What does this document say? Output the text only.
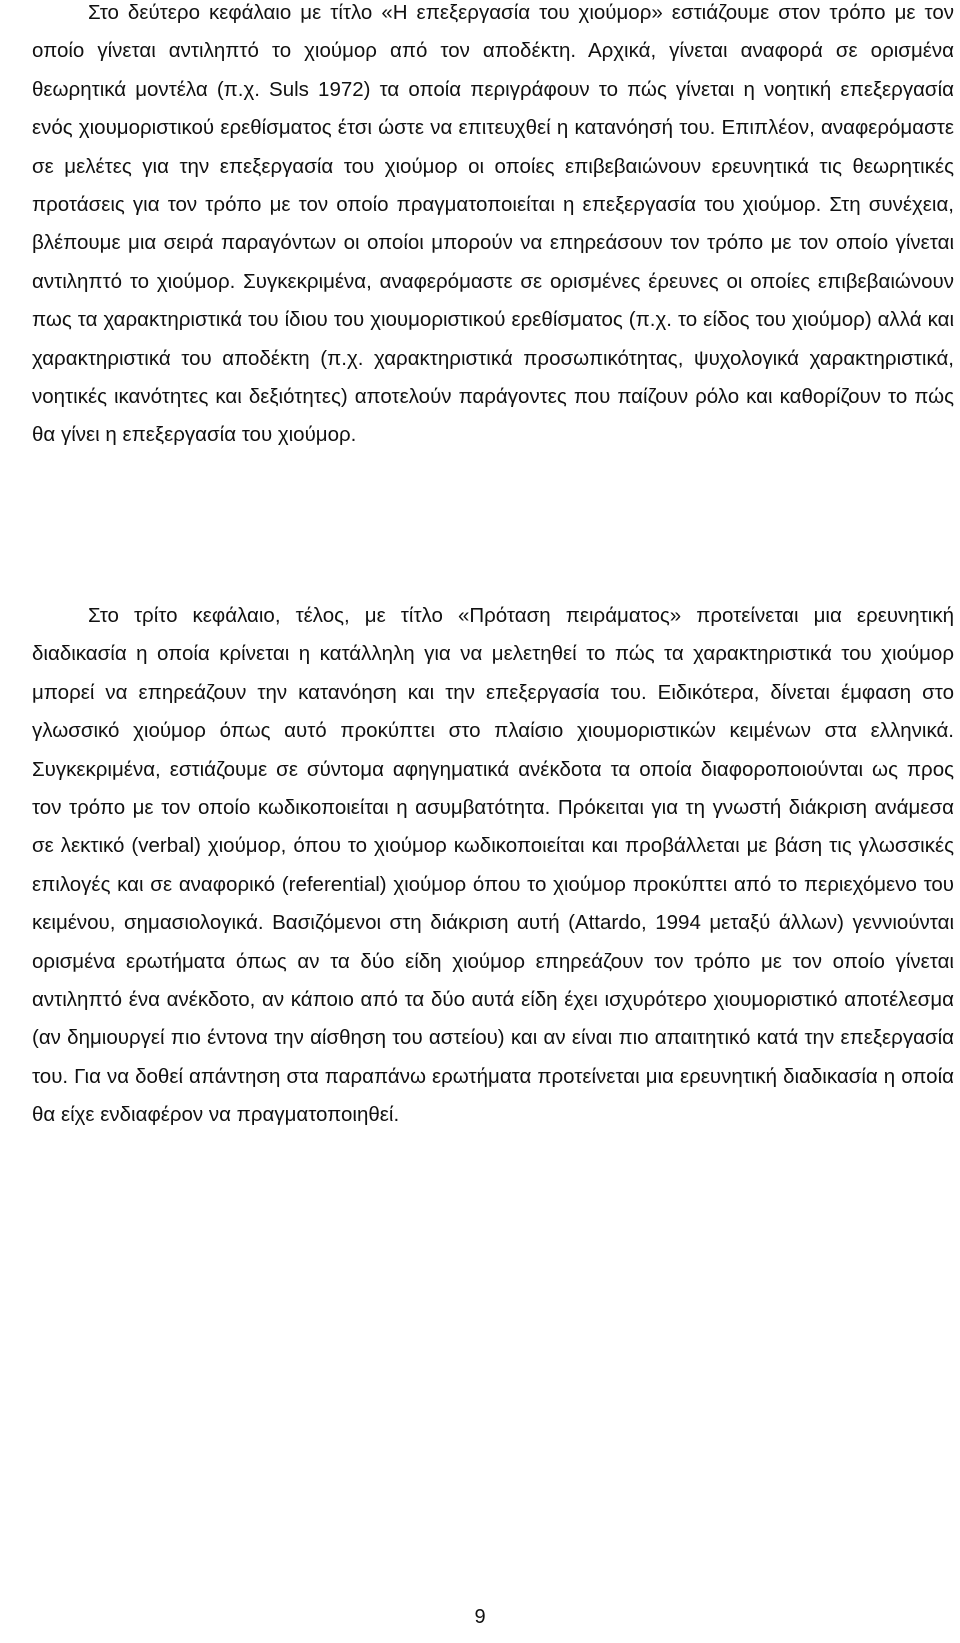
Στο δεύτερο κεφάλαιο με τίτλο «Η επεξεργασία του χιούμορ» εστιάζουμε στον τρόπο με τον οποίο γίνεται αντιληπτό το χιούμορ από τον αποδέκτη. Αρχικά, γίνεται αναφορά σε ορισμένα θεωρητικά μοντέλα (π.χ. Suls 1972) τα οποία περιγράφουν το πώς γίνεται η νοητική επεξεργασία ενός χιουμοριστικού ερεθίσματος έτσι ώστε να επιτευχθεί η κατανόησή του. Επιπλέον, αναφερόμαστε σε μελέτες για την επεξεργασία του χιούμορ οι οποίες επιβεβαιώνουν ερευνητικά τις θεωρητικές προτάσεις για τον τρόπο με τον οποίο πραγματοποιείται η επεξεργασία του χιούμορ. Στη συνέχεια, βλέπουμε μια σειρά παραγόντων οι οποίοι μπορούν να επηρεάσουν τον τρόπο με τον οποίο γίνεται αντιληπτό το χιούμορ. Συγκεκριμένα, αναφερόμαστε σε ορισμένες έρευνες οι οποίες επιβεβαιώνουν πως τα χαρακτηριστικά του ίδιου του χιουμοριστικού ερεθίσματος (π.χ. το είδος του χιούμορ) αλλά και χαρακτηριστικά του αποδέκτη (π.χ. χαρακτηριστικά προσωπικότητας, ψυχολογικά χαρακτηριστικά, νοητικές ικανότητες και δεξιότητες) αποτελούν παράγοντες που παίζουν ρόλο και καθορίζουν το πώς θα γίνει η επεξεργασία του χιούμορ.

Στο τρίτο κεφάλαιο, τέλος, με τίτλο «Πρόταση πειράματος» προτείνεται μια ερευνητική διαδικασία η οποία κρίνεται η κατάλληλη για να μελετηθεί το πώς τα χαρακτηριστικά του χιούμορ μπορεί να επηρεάζουν την κατανόηση και την επεξεργασία του. Ειδικότερα, δίνεται έμφαση στο γλωσσικό χιούμορ όπως αυτό προκύπτει στο πλαίσιο χιουμοριστικών κειμένων στα ελληνικά. Συγκεκριμένα, εστιάζουμε σε σύντομα αφηγηματικά ανέκδοτα τα οποία διαφοροποιούνται ως προς τον τρόπο με τον οποίο κωδικοποιείται η ασυμβατότητα. Πρόκειται για τη γνωστή διάκριση ανάμεσα σε λεκτικό (verbal) χιούμορ, όπου το χιούμορ κωδικοποιείται και προβάλλεται με βάση τις γλωσσικές επιλογές και σε αναφορικό (referential) χιούμορ όπου το χιούμορ προκύπτει από το περιεχόμενο του κειμένου, σημασιολογικά. Βασιζόμενοι στη διάκριση αυτή (Attardo, 1994 μεταξύ άλλων) γεννιούνται ορισμένα ερωτήματα όπως αν τα δύο είδη χιούμορ επηρεάζουν τον τρόπο με τον οποίο γίνεται αντιληπτό ένα ανέκδοτο, αν κάποιο από τα δύο αυτά είδη έχει ισχυρότερο χιουμοριστικό αποτέλεσμα (αν δημιουργεί πιο έντονα την αίσθηση του αστείου) και αν είναι πιο απαιτητικό κατά την επεξεργασία του. Για να δοθεί απάντηση στα παραπάνω ερωτήματα προτείνεται μια ερευνητική διαδικασία η οποία θα είχε ενδιαφέρον να πραγματοποιηθεί.

9
